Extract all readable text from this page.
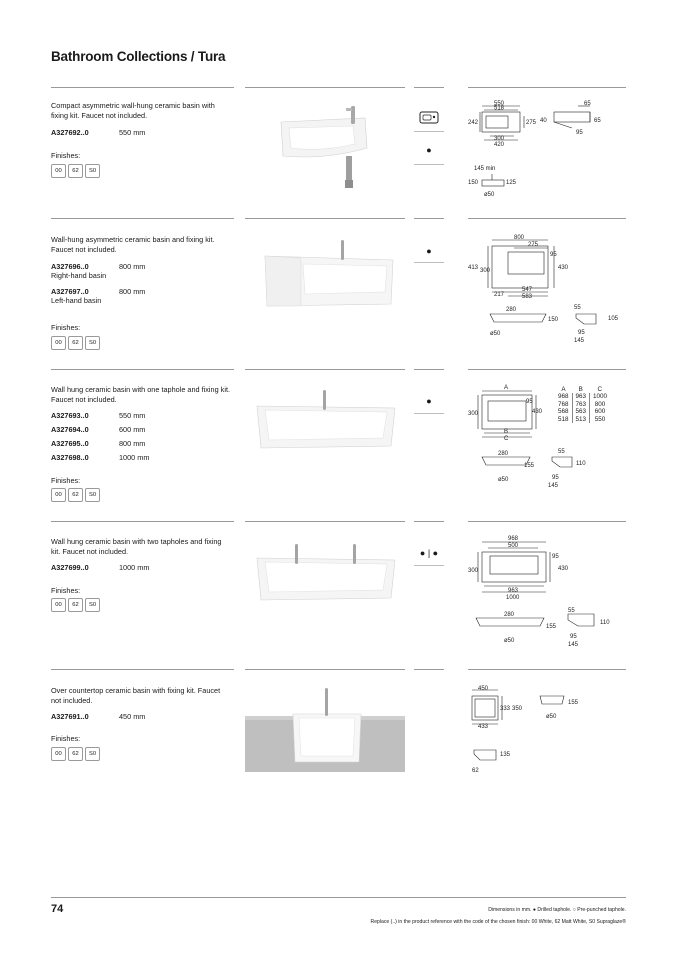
Bathroom Collections / Tura
Compact asymmetric wall-hung ceramic basin with fixing kit. Faucet not included.
A327692..0	550 mm
Finishes:
00	62	S0
●
550
518
242	275
300
420
65
40	65
95
145 min
150	125
ø50
Wall-hung asymmetric ceramic basin and fixing kit. Faucet not included.
A327696..0	800 mm
Right-hand basin
A327697..0	800 mm
Left-hand basin
Finishes:
00	62	S0
●
800
275
95
413 300	430
217
547
583
280
150
ø50
55
105
95
145
Wall hung ceramic basin with one taphole and fixing kit. Faucet not included.
A327693..0	550 mm
A327694..0	600 mm
A327695..0	800 mm
A327698..0	1000 mm
Finishes:
00	62	S0
●
A
95
300	430
B
C
280
155
ø50
55
110
95
145
A	B	C
968	963	1000
768	763	800
568	563	600
518	513	550
Wall hung ceramic basin with two tapholes and fixing kit. Faucet not included.
A327699..0	1000 mm
Finishes:
00	62	S0
● | ●
968
500
95
300	430
963
1000
280
155
ø50
55
110
95
145
Over countertop ceramic basin with fixing kit. Faucet not included.
A327691..0	450 mm
Finishes:
00	62	S0
450
333 350
433
155
ø50
135
62
74	Dimensions in mm. ● Drilled taphole. ○ Pre-punched taphole.
Replace (..) in the product reference with the code of the chosen finish: 00 White, 62 Matt White, S0 Supraglaze®
